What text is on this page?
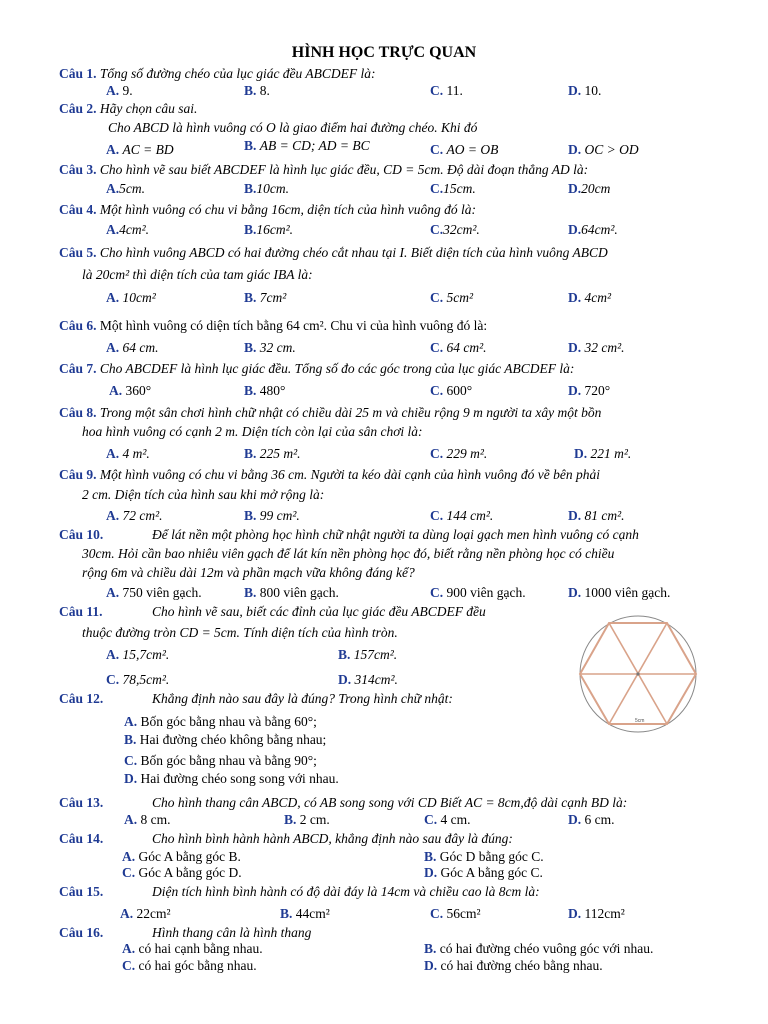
HÌNH HỌC TRỰC QUAN
Câu 1. Tổng số đường chéo của lục giác đều ABCDEF là:
A. 9.	B. 8.	C. 11.	D. 10.
Câu 2. Hãy chọn câu sai.
Cho ABCD là hình vuông có O là giao điểm hai đường chéo. Khi đó
A. AC = BD	B. AB = CD; AD = BC	C. AO = OB	D. OC > OD
Câu 3. Cho hình vẽ sau biết ABCDEF là hình lục giác đều, CD = 5cm. Độ dài đoạn thẳng AD là:
A.5cm.	B.10cm.	C.15cm.	D.20cm
Câu 4. Một hình vuông có chu vi bằng 16cm, diện tích của hình vuông đó là:
A.4cm².	B.16cm².	C.32cm².	D.64cm².
Câu 5. Cho hình vuông ABCD có hai đường chéo cắt nhau tại I. Biết diện tích của hình vuông ABCD
là 20cm² thì diện tích của tam giác IBA là:
A. 10cm²	B. 7cm²	C. 5cm²	D. 4cm²
Câu 6. Một hình vuông có diện tích bằng 64 cm². Chu vi của hình vuông đó là:
A. 64 cm.	B. 32 cm.	C. 64 cm².	D. 32 cm².
Câu 7. Cho ABCDEF là hình lục giác đều. Tổng số đo các góc trong của lục giác ABCDEF là:
A. 360°	B. 480°	C. 600°	D. 720°
Câu 8. Trong một sân chơi hình chữ nhật có chiều dài 25 m và chiều rộng 9 m người ta xây một bồn
hoa hình vuông có cạnh 2 m. Diện tích còn lại của sân chơi là:
A. 4 m².	B. 225 m².	C. 229 m².	D. 221 m².
Câu 9. Một hình vuông có chu vi bằng 36 cm. Người ta kéo dài cạnh của hình vuông đó về bên phải
2 cm. Diện tích của hình sau khi mở rộng là:
A. 72 cm².	B. 99 cm².	C. 144 cm².	D. 81 cm².
Câu 10.	Để lát nền một phòng học hình chữ nhật người ta dùng loại gạch men hình vuông có cạnh
30cm. Hỏi cần bao nhiêu viên gạch để lát kín nền phòng học đó, biết rằng nền phòng học có chiều
rộng 6m và chiều dài 12m và phần mạch vữa không đáng kể?
A. 750 viên gạch.	B. 800 viên gạch.	C. 900 viên gạch.	D. 1000 viên gạch.
Câu 11.	Cho hình vẽ sau, biết các đỉnh của lục giác đều ABCDEF đều
thuộc đường tròn CD = 5cm. Tính diện tích của hình tròn.
A. 15,7cm².	B. 157cm².
C. 78,5cm².	D. 314cm².
5cm
Câu 12.	Khẳng định nào sau đây là đúng? Trong hình chữ nhật:
A. Bốn góc bằng nhau và bằng 60°;
B. Hai đường chéo không bằng nhau;
C. Bốn góc bằng nhau và bằng 90°;
D. Hai đường chéo song song với nhau.
Câu 13.	Cho hình thang cân ABCD, có AB song song với CD Biết AC = 8cm,độ dài cạnh BD là:
A. 8 cm.	B. 2 cm.	C. 4 cm.	D. 6 cm.
Câu 14.	Cho hình bình hành hành ABCD, khẳng định nào sau đây là đúng:
A. Góc A bằng góc B.	B. Góc D bằng góc C.
C. Góc A bằng góc D.	D. Góc A bằng góc C.
Câu 15.	Diện tích hình bình hành có độ dài đáy là 14cm và chiều cao là 8cm là:
A. 22cm²	B. 44cm²	C. 56cm²	D. 112cm²
Câu 16.	Hình thang cân là hình thang
A. có hai cạnh bằng nhau.	B. có hai đường chéo vuông góc với nhau.
C. có hai góc bằng nhau.	D. có hai đường chéo bằng nhau.
